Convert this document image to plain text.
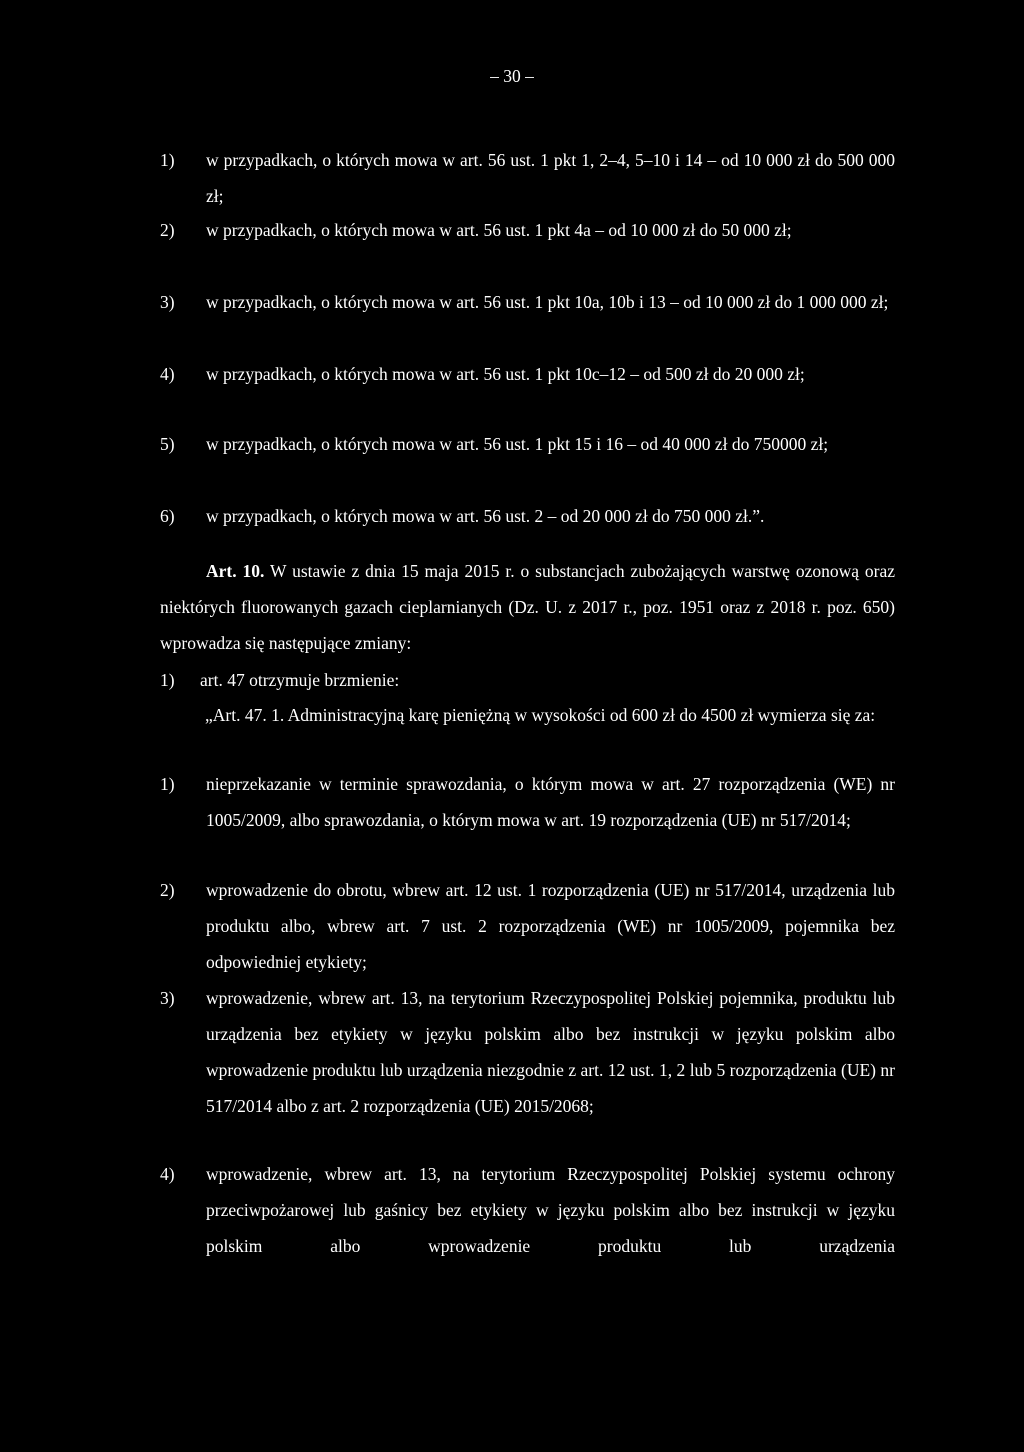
– 30 –
1) w przypadkach, o których mowa w art. 56 ust. 1 pkt 1, 2–4, 5–10 i 14 – od 10 000 zł do 500 000 zł;
2) w przypadkach, o których mowa w art. 56 ust. 1 pkt 4a – od 10 000 zł do 50 000 zł;
3) w przypadkach, o których mowa w art. 56 ust. 1 pkt 10a, 10b i 13 – od 10 000 zł do 1 000 000 zł;
4) w przypadkach, o których mowa w art. 56 ust. 1 pkt 10c–12 – od 500 zł do 20 000 zł;
5) w przypadkach, o których mowa w art. 56 ust. 1 pkt 15 i 16 – od 40 000 zł do 750000 zł;
6) w przypadkach, o których mowa w art. 56 ust. 2 – od 20 000 zł do 750 000 zł.”.
Art. 10. W ustawie z dnia 15 maja 2015 r. o substancjach zubożających warstwę ozonową oraz niektórych fluorowanych gazach cieplarnianych (Dz. U. z 2017 r., poz. 1951 oraz z 2018 r. poz. 650) wprowadza się następujące zmiany:
1) art. 47 otrzymuje brzmienie:
„Art. 47. 1. Administracyjną karę pieniężną w wysokości od 600 zł do 4500 zł wymierza się za:
1) nieprzekazanie w terminie sprawozdania, o którym mowa w art. 27 rozporządzenia (WE) nr 1005/2009, albo sprawozdania, o którym mowa w art. 19 rozporządzenia (UE) nr 517/2014;
2) wprowadzenie do obrotu, wbrew art. 12 ust. 1 rozporządzenia (UE) nr 517/2014, urządzenia lub produktu albo, wbrew art. 7 ust. 2 rozporządzenia (WE) nr 1005/2009, pojemnika bez odpowiedniej etykiety;
3) wprowadzenie, wbrew art. 13, na terytorium Rzeczypospolitej Polskiej pojemnika, produktu lub urządzenia bez etykiety w języku polskim albo bez instrukcji w języku polskim albo wprowadzenie produktu lub urządzenia niezgodnie z art. 12 ust. 1, 2 lub 5 rozporządzenia (UE) nr 517/2014 albo z art. 2 rozporządzenia (UE) 2015/2068;
4) wprowadzenie, wbrew art. 13, na terytorium Rzeczypospolitej Polskiej systemu ochrony przeciwpożarowej lub gaśnicy bez etykiety w języku polskim albo bez instrukcji w języku polskim albo wprowadzenie produktu lub urządzenia
